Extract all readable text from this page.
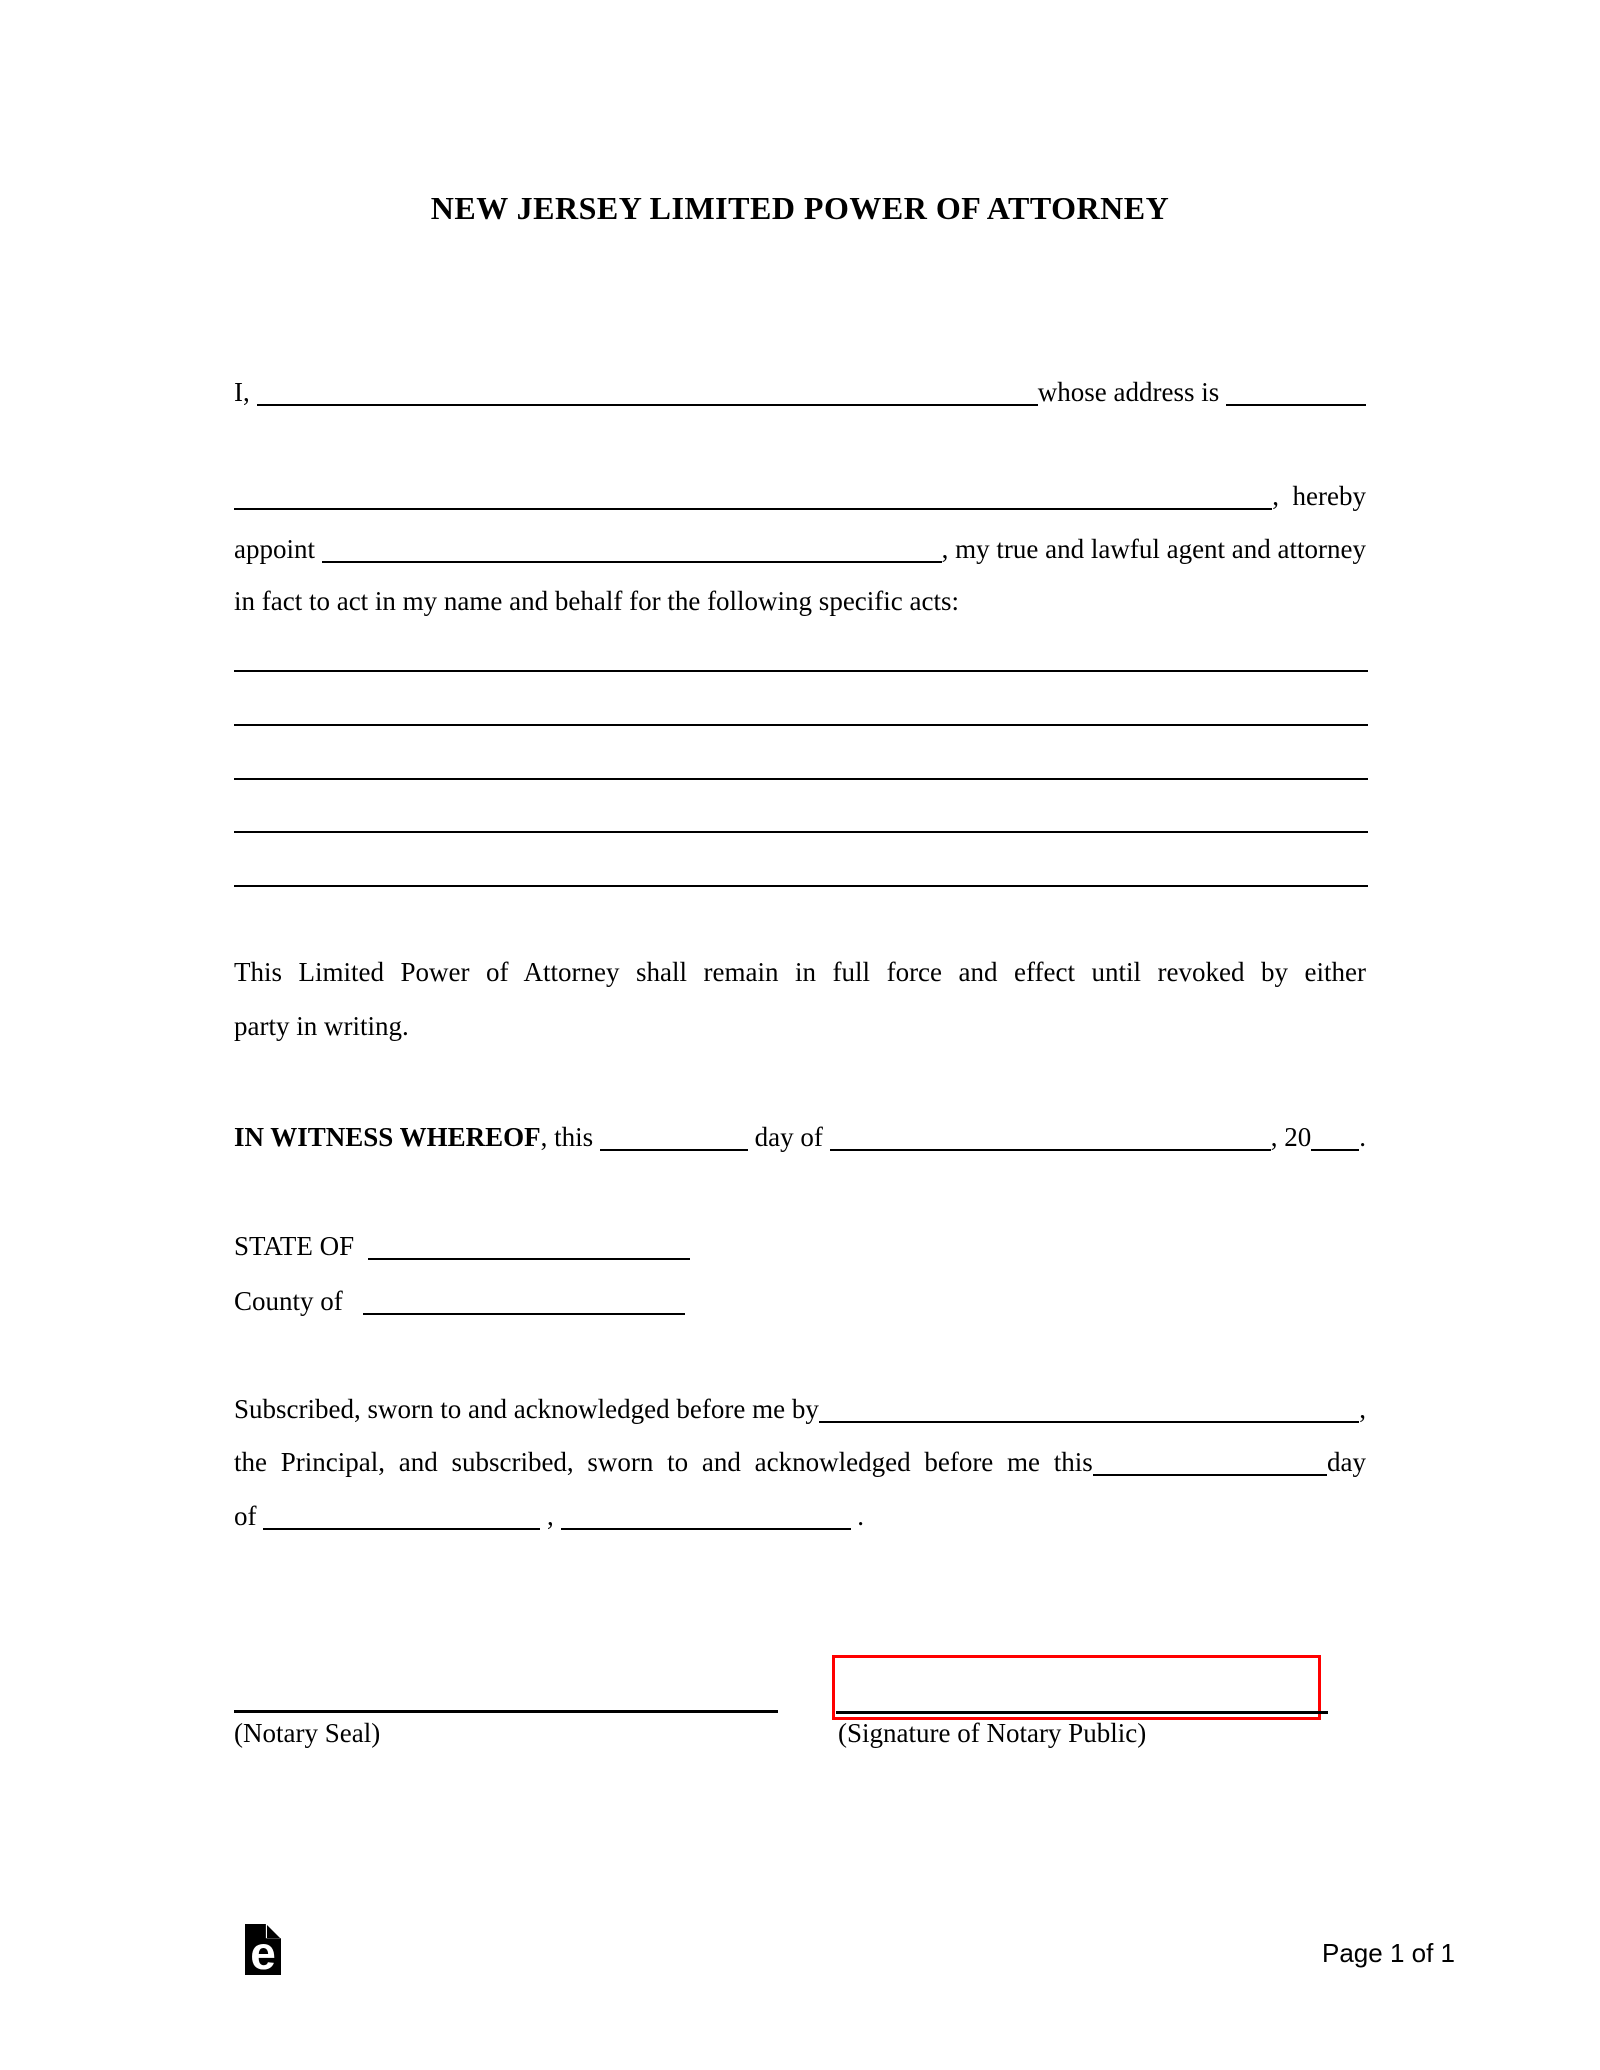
NEW JERSEY LIMITED POWER OF ATTORNEY
I,	whose address is
,  hereby
appoint	, my true and lawful agent and attorney
in fact to act in my name and behalf for the following specific acts:
This Limited Power of Attorney shall remain in full force and effect until revoked by either
party in writing.
IN WITNESS WHEREOF , this	day of	, 20 .
STATE OF
County of
Subscribed, sworn to and acknowledged before me by	,
the Principal, and subscribed, sworn to and acknowledged before me this	day
of	,	.
(Notary Seal)	(Signature of Notary Public)
e	Page 1 of 1
